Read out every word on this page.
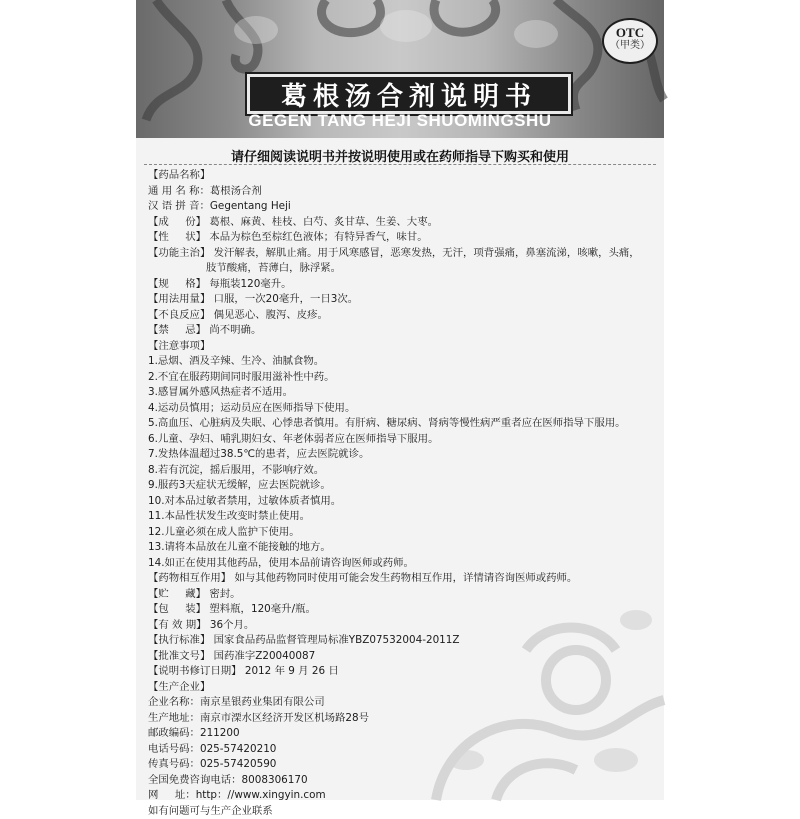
OTC
（甲类）
葛根汤合剂说明书
GEGEN TANG HEJI SHUOMINGSHU
请仔细阅读说明书并按说明使用或在药师指导下购买和使用
【药品名称】
通 用 名 称：葛根汤合剂
汉 语 拼 音：Gegentang Heji
【成     份】 葛根、麻黄、桂枝、白芍、炙甘草、生姜、大枣。
【性     状】 本品为棕色至棕红色液体；有特异香气，味甘。
【功能主治】 发汗解表，解肌止痛。用于风寒感冒，恶寒发热，无汗，项背强痛，鼻塞流涕，咳嗽，头痛，
肢节酸痛，苔薄白，脉浮紧。
【规     格】 每瓶装120毫升。
【用法用量】 口服，一次20毫升，一日3次。
【不良反应】 偶见恶心、腹泻、皮疹。
【禁     忌】 尚不明确。
【注意事项】
1.忌烟、酒及辛辣、生冷、油腻食物。
2.不宜在服药期间同时服用滋补性中药。
3.感冒属外感风热症者不适用。
4.运动员慎用；运动员应在医师指导下使用。
5.高血压、心脏病及失眠、心悸患者慎用。有肝病、糖尿病、肾病等慢性病严重者应在医师指导下服用。
6.儿童、孕妇、哺乳期妇女、年老体弱者应在医师指导下服用。
7.发热体温超过38.5℃的患者，应去医院就诊。
8.若有沉淀，摇后服用，不影响疗效。
9.服药3天症状无缓解，应去医院就诊。
10.对本品过敏者禁用，过敏体质者慎用。
11.本品性状发生改变时禁止使用。
12.儿童必须在成人监护下使用。
13.请将本品放在儿童不能接触的地方。
14.如正在使用其他药品，使用本品前请咨询医师或药师。
【药物相互作用】 如与其他药物同时使用可能会发生药物相互作用，详情请咨询医师或药师。
【贮     藏】 密封。
【包     装】 塑料瓶，120毫升/瓶。
【有 效 期】 36个月。
【执行标准】 国家食品药品监督管理局标准YBZ07532004-2011Z
【批准文号】 国药准字Z20040087
【说明书修订日期】 2012 年 9 月 26 日
【生产企业】
企业名称：南京星银药业集团有限公司
生产地址：南京市溧水区经济开发区机场路28号
邮政编码：211200
电话号码：025-57420210
传真号码：025-57420590
全国免费咨询电话：8008306170
网     址：http：//www.xingyin.com
如有问题可与生产企业联系
